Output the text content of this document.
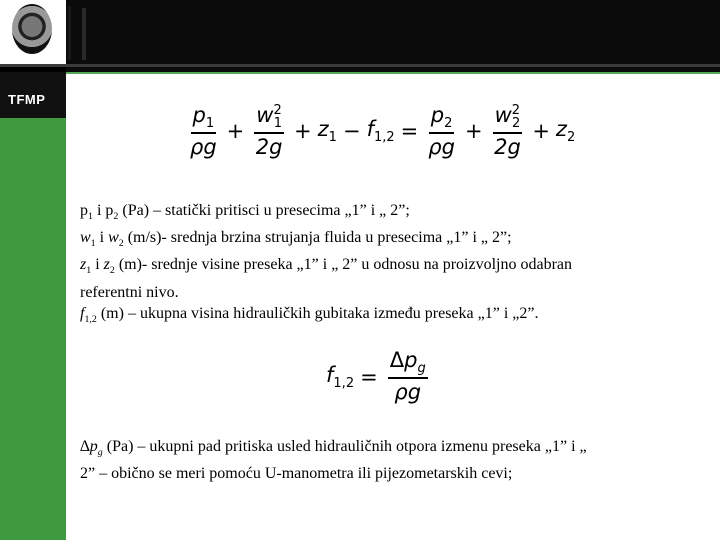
TFMP
$\frac{p_1}{\rho g} + \frac{w^2_1}{2g} + z_1 - f_{1,2} = \frac{p_2}{\rho g} + \frac{w^2_2}{2g} + z_2$

$p_1$ i $p_2$ (Pa) – statički pritisci u presecima „1” i „ 2”;

$w_1$ i $w_2$ (m/s)- srednja brzina strujanja fluida u presecima „1” i „ 2”;

$z_1$ i $z_2$ (m)- srednje visine preseka „1” i „ 2” u odnosu na proizvoljno odabran

referentni nivo.

$f_{1,2}$ (m) – ukupna visina hidrauličkih gubitaka između preseka „1” i „2”.

$f_{1,2} = \frac{\Delta p_g}{\rho g}$

$\Delta p_g$ (Pa) – ukupni pad pritiska usled hidrauličnih otpora izmenu preseka „1” i „

2” – obično se meri pomoću U-manometra ili pijezometarskih cevi;
